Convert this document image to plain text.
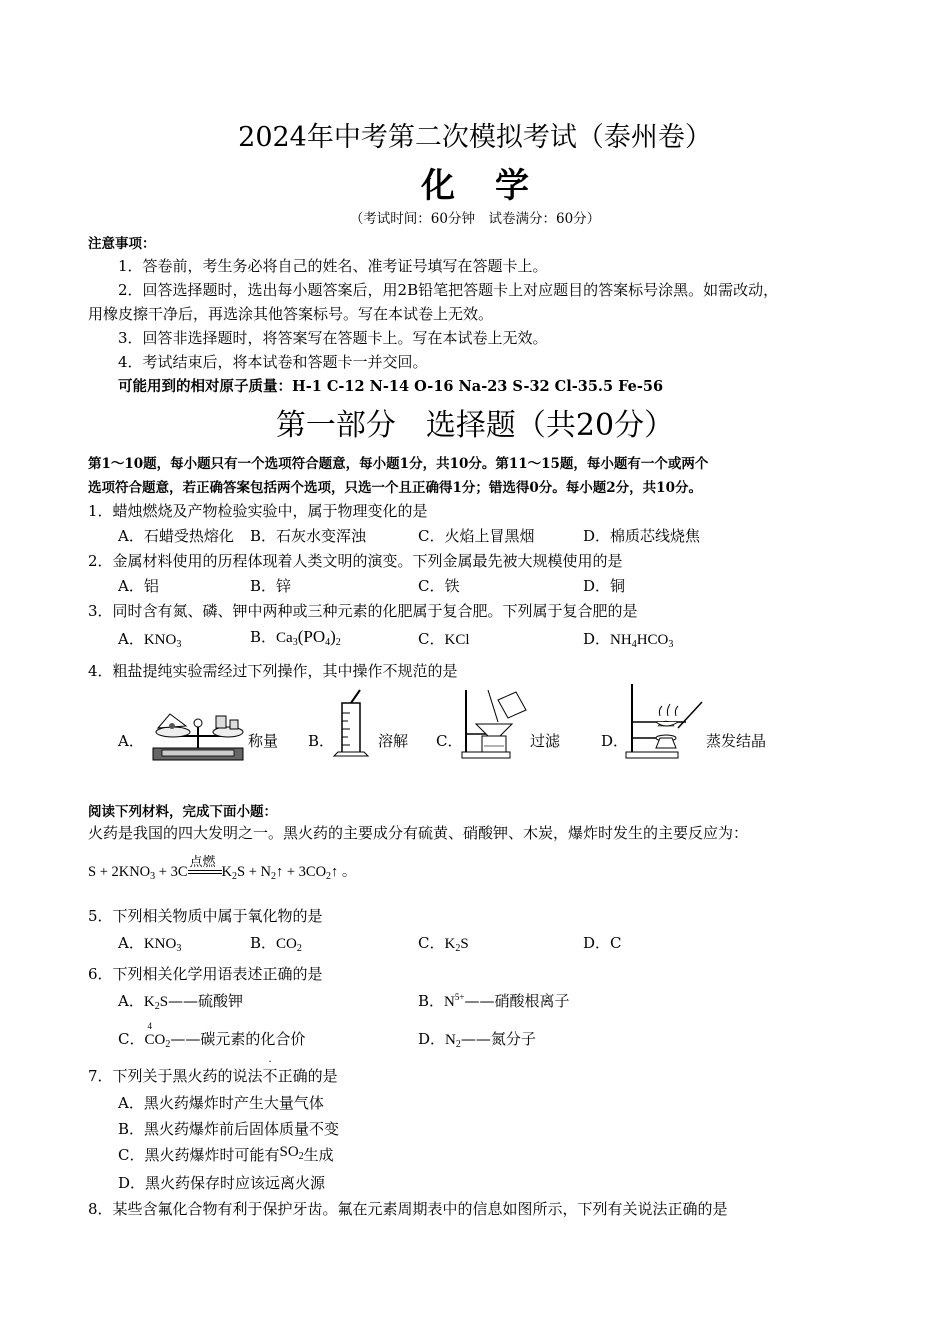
2024年中考第二次模拟考试（泰州卷）
化学
（考试时间：60分钟　试卷满分：60分）
注意事项：
1．答卷前，考生务必将自己的姓名、准考证号填写在答题卡上。
2．回答选择题时，选出每小题答案后，用2B铅笔把答题卡上对应题目的答案标号涂黑。如需改动，
用橡皮擦干净后，再选涂其他答案标号。写在本试卷上无效。
3．回答非选择题时，将答案写在答题卡上。写在本试卷上无效。
4．考试结束后，将本试卷和答题卡一并交回。
可能用到的相对原子质量：H-1 C-12 N-14 O-16 Na-23 S-32 Cl-35.5 Fe-56
第一部分　选择题（共20分）
第1～10题，每小题只有一个选项符合题意，每小题1分，共10分。第11～15题，每小题有一个或两个
选项符合题意，若正确答案包括两个选项，只选一个且正确得1分；错选得0分。每小题2分，共10分。
1．蜡烛燃烧及产物检验实验中，属于物理变化的是
A．石蜡受热熔化 B．石灰水变浑浊	C．火焰上冒黑烟	D．棉质芯线烧焦
2．金属材料使用的历程体现着人类文明的演变。下列金属最先被大规模使用的是
A．铝	B．锌	C．铁	D．铜
3．同时含有氮、磷、钾中两种或三种元素的化肥属于复合肥。下列属于复合肥的是
A．$KNO_3$	B．$Ca_3(PO_4)_2$	C．KCl	D．$NH_4HCO_3$
4．粗盐提纯实验需经过下列操作，其中操作不规范的是
A．	称量 B．	溶解 C．	过滤	D．	蒸发结晶
阅读下列材料，完成下面小题：
火药是我国的四大发明之一。黑火药的主要成分有硫黄、硝酸钾、木炭，爆炸时发生的主要反应为：
$S + 2KNO_3 + 3C$
点燃
$K_2S$ + $N_2↑$ + $3CO_2↑$ 。
5．下列相关物质中属于氧化物的是
A．$KNO_3$	B．$CO_2$	C．$K_2S$	D．C
6．下列相关化学用语表述正确的是
A．$K_2S——$硫酸钾	B．$N^{5+}——$硝酸根离子
C．
4
$CO_2——$碳元素的化合价	D．$N_2——$氮分子
7．下列关于黑火药的说法不
·
正确的是
A．黑火药爆炸时产生大量气体
B．黑火药爆炸前后固体质量不变
C．黑火药爆炸时可能有$SO_2$生成
D．黑火药保存时应该远离火源
8．某些含氟化合物有利于保护牙齿。氟在元素周期表中的信息如图所示，下列有关说法正确的是
